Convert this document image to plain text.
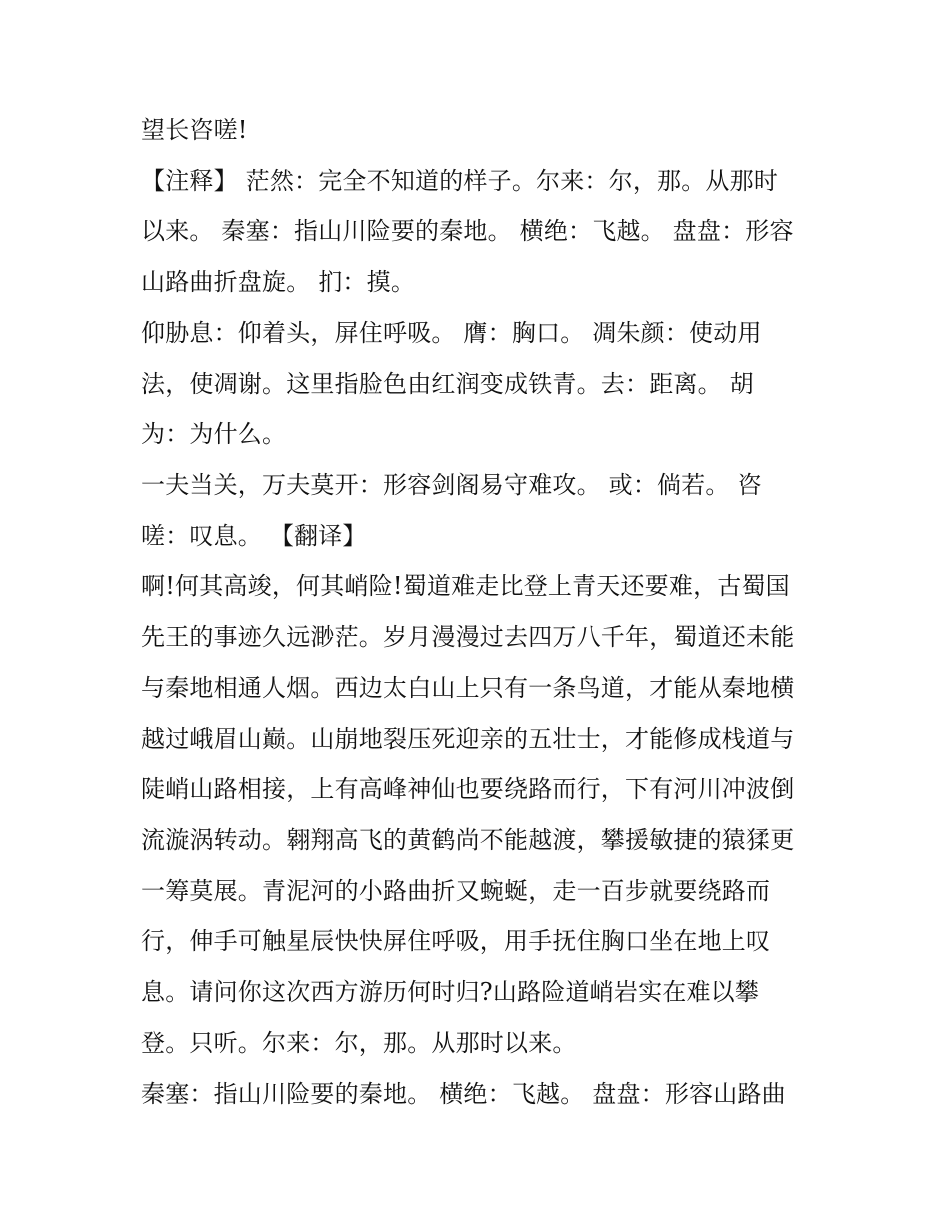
望长咨嗟!
【注释】 茫然：完全不知道的样子。尔来：尔，那。从那时
以来。 秦塞：指山川险要的秦地。 横绝：飞越。 盘盘：形容
山路曲折盘旋。 扪：摸。
仰胁息：仰着头，屏住呼吸。 膺：胸口。 凋朱颜：使动用
法，使凋谢。这里指脸色由红润变成铁青。去：距离。 胡
为：为什么。
一夫当关，万夫莫开：形容剑阁易守难攻。 或：倘若。 咨
嗟：叹息。 【翻译】
啊!何其高竣，何其峭险!蜀道难走比登上青天还要难，古蜀国
先王的事迹久远渺茫。岁月漫漫过去四万八千年，蜀道还未能
与秦地相通人烟。西边太白山上只有一条鸟道，才能从秦地横
越过峨眉山巅。山崩地裂压死迎亲的五壮士，才能修成栈道与
陡峭山路相接，上有高峰神仙也要绕路而行，下有河川冲波倒
流漩涡转动。翱翔高飞的黄鹤尚不能越渡，攀援敏捷的猿猱更
一筹莫展。青泥河的小路曲折又蜿蜒，走一百步就要绕路而
行，伸手可触星辰快快屏住呼吸，用手抚住胸口坐在地上叹
息。请问你这次西方游历何时归?山路险道峭岩实在难以攀
登。只听。尔来：尔，那。从那时以来。
秦塞：指山川险要的秦地。 横绝：飞越。 盘盘：形容山路曲
